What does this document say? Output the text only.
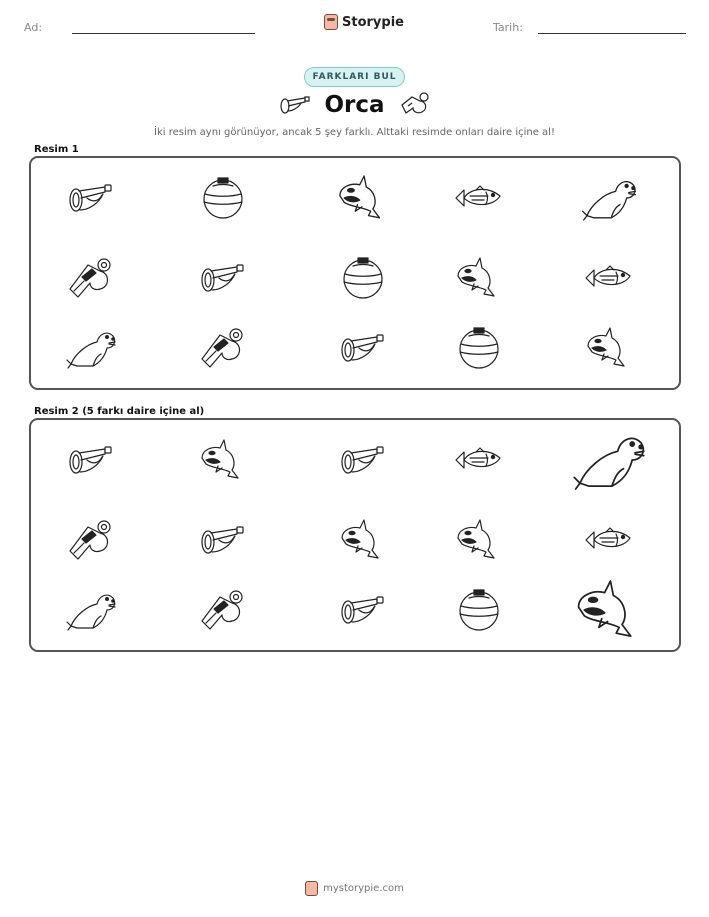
Ad:	Storypie	Tarih:
FARKLARI BUL
Orca
İki resim aynı görünüyor, ancak 5 şey farklı. Alttaki resimde onları daire içine al!
Resim 1
Resim 2 (5 farkı daire içine al)
mystorypie.com
